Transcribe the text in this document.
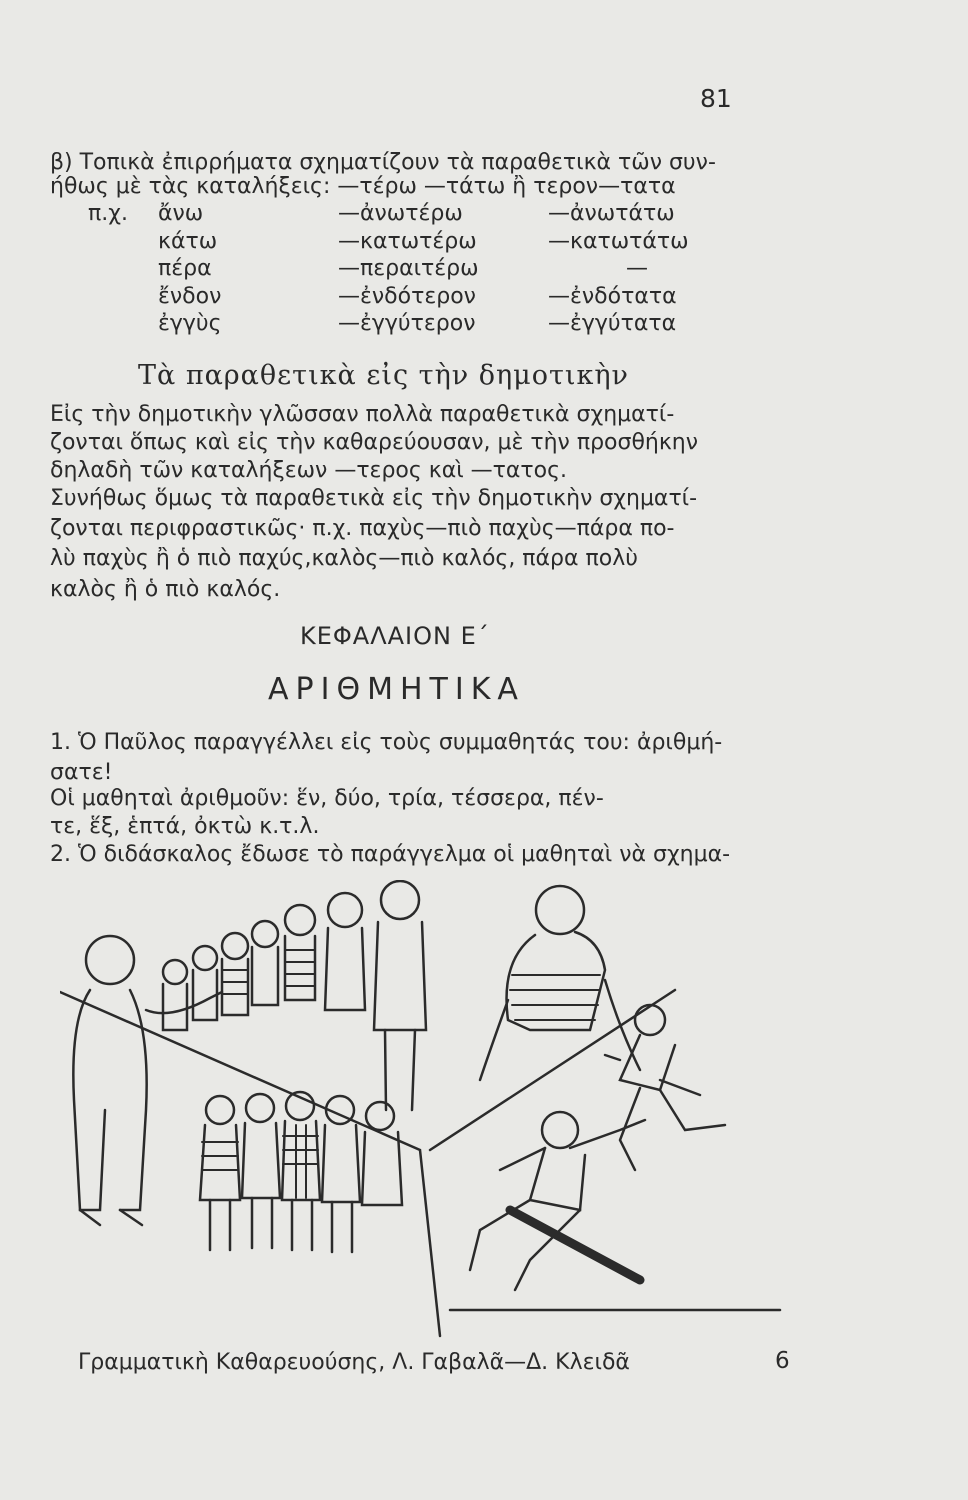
81
β) Τοπικὰ ἐπιρρήματα σχηματίζουν τὰ παραθετικὰ τῶν συν-
ήθως μὲ τὰς καταλήξεις: —τέρω —τάτω ἢ τερον—τατα
π.χ.	ἄνω	—ἀνωτέρω	—ἀνωτάτω
κάτω	—κατωτέρω	—κατωτάτω
πέρα	—περαιτέρω	—
ἔνδον	—ἐνδότερον	—ἐνδότατα
ἐγγὺς	—ἐγγύτερον	—ἐγγύτατα
Τὰ παραθετικὰ εἰς τὴν δημοτικὴν
Εἰς τὴν δημοτικὴν γλῶσσαν πολλὰ παραθετικὰ σχηματί-
ζονται ὅπως καὶ εἰς τὴν καθαρεύουσαν, μὲ τὴν προσθήκην
δηλαδὴ τῶν καταλήξεων —τερος καὶ —τατος.
Συνήθως ὅμως τὰ παραθετικὰ εἰς τὴν δημοτικὴν σχηματί-
ζονται περιφραστικῶς· π.χ. παχὺς—πιὸ παχὺς—πάρα πο-
λὺ παχὺς ἢ ὁ πιὸ παχύς,καλὸς—πιὸ καλός, πάρα πολὺ
καλὸς ἢ ὁ πιὸ καλός.
ΚΕΦΑΛΑΙΟΝ Ε΄
ΑΡΙΘΜΗΤΙΚΑ
1. Ὁ Παῦλος παραγγέλλει εἰς τοὺς συμμαθητάς του: ἀριθμή-
σατε!
Οἱ μαθηταὶ ἀριθμοῦν: ἕν, δύο, τρία, τέσσερα, πέν-
τε, ἕξ, ἑπτά, ὀκτὼ κ.τ.λ.
2. Ὁ διδάσκαλος ἔδωσε τὸ παράγγελμα οἱ μαθηταὶ νὰ σχημα-
Γραμματικὴ Καθαρευούσης, Λ. Γαβαλᾶ—Δ. Κλειδᾶ	6
